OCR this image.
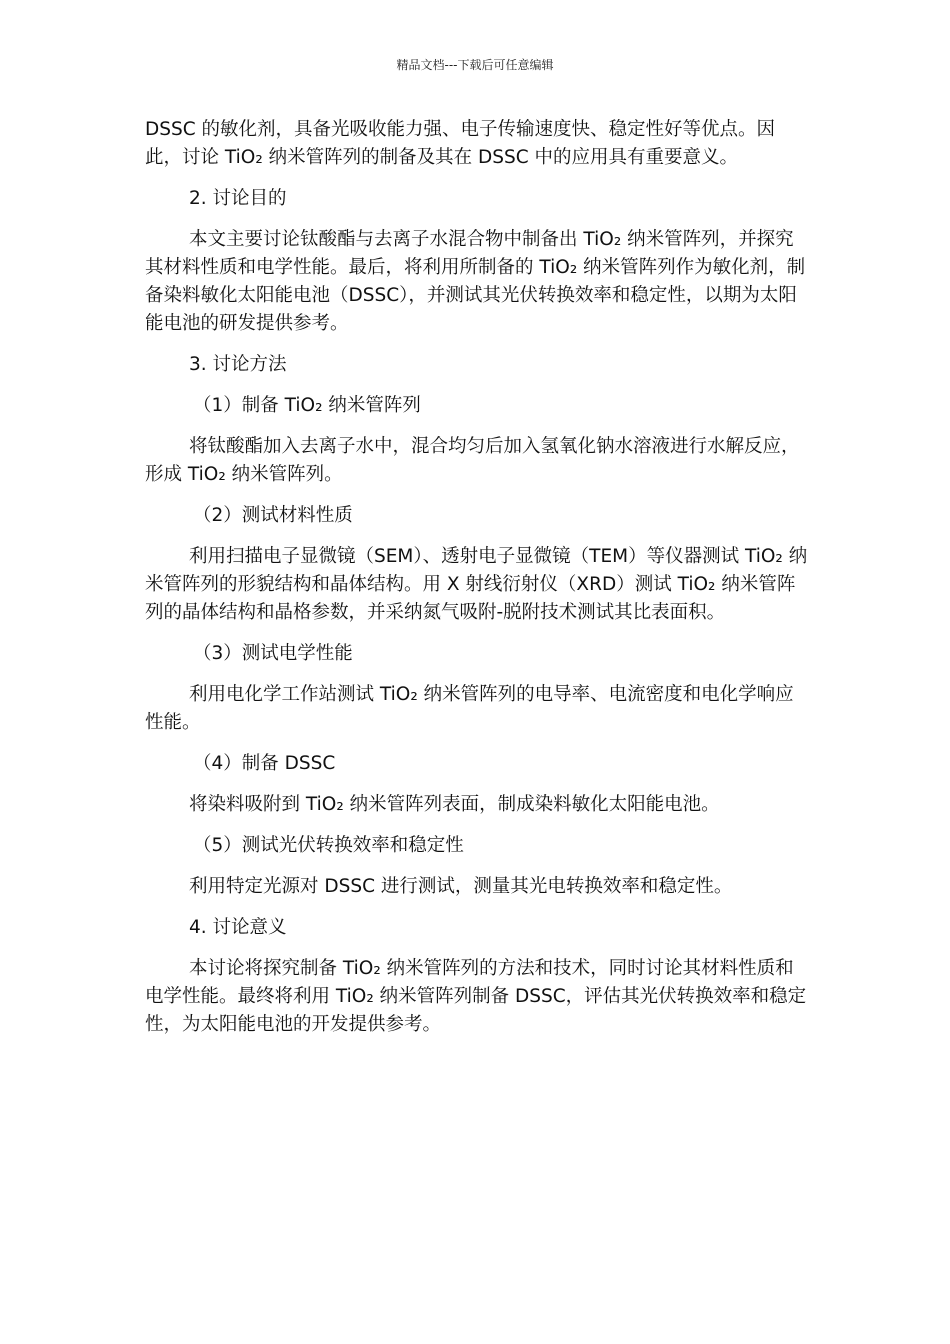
精品文档---下载后可任意编辑

DSSC 的敏化剂，具备光吸收能力强、电子传输速度快、稳定性好等优点。因此，讨论 TiO₂ 纳米管阵列的制备及其在 DSSC 中的应用具有重要意义。

2. 讨论目的

本文主要讨论钛酸酯与去离子水混合物中制备出 TiO₂ 纳米管阵列，并探究其材料性质和电学性能。最后，将利用所制备的 TiO₂ 纳米管阵列作为敏化剂，制备染料敏化太阳能电池（DSSC），并测试其光伏转换效率和稳定性，以期为太阳能电池的研发提供参考。

3. 讨论方法

（1）制备 TiO₂ 纳米管阵列

将钛酸酯加入去离子水中，混合均匀后加入氢氧化钠水溶液进行水解反应，形成 TiO₂ 纳米管阵列。

（2）测试材料性质

利用扫描电子显微镜（SEM）、透射电子显微镜（TEM）等仪器测试 TiO₂ 纳米管阵列的形貌结构和晶体结构。用 X 射线衍射仪（XRD）测试 TiO₂ 纳米管阵列的晶体结构和晶格参数，并采纳氮气吸附-脱附技术测试其比表面积。

（3）测试电学性能

利用电化学工作站测试 TiO₂ 纳米管阵列的电导率、电流密度和电化学响应性能。

（4）制备 DSSC

将染料吸附到 TiO₂ 纳米管阵列表面，制成染料敏化太阳能电池。

（5）测试光伏转换效率和稳定性

利用特定光源对 DSSC 进行测试，测量其光电转换效率和稳定性。

4. 讨论意义

本讨论将探究制备 TiO₂ 纳米管阵列的方法和技术，同时讨论其材料性质和电学性能。最终将利用 TiO₂ 纳米管阵列制备 DSSC，评估其光伏转换效率和稳定性，为太阳能电池的开发提供参考。
